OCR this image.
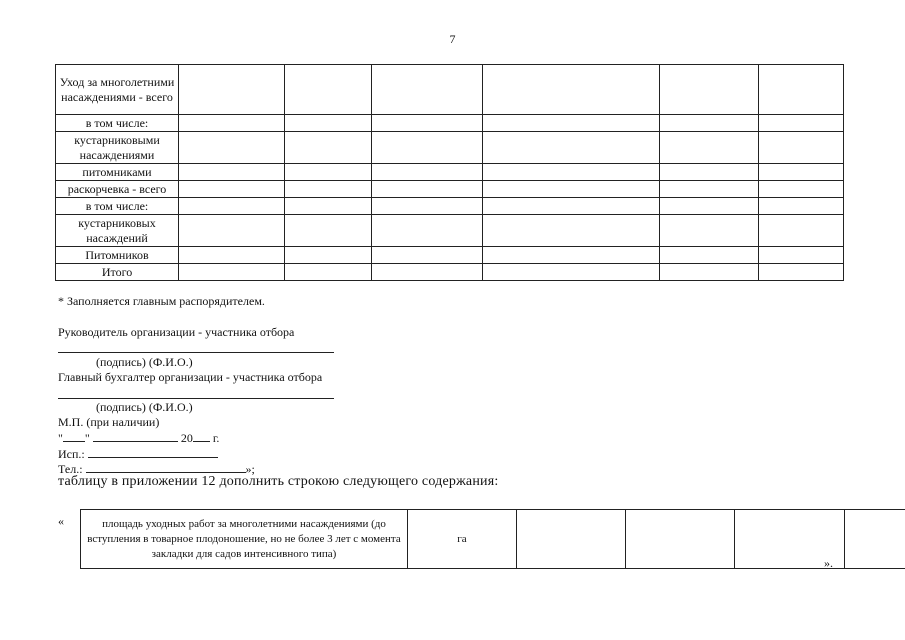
7
Уход за многолетними насаждениями - всего						
в том числе:						
кустарниковыми насаждениями						
питомниками						
раскорчевка - всего						
в том числе:						
кустарниковых насаждений						
Питомников						
Итого						
* Заполняется главным распорядителем.
Руководитель организации - участника отбора
(подпись) (Ф.И.О.)
Главный бухгалтер организации - участника отбора
(подпись) (Ф.И.О.)
М.П. (при наличии)
" "	20 г.
Исп.:
Тел.:	»;
таблицу в приложении 12 дополнить строкою следующего содержания:
«	площадь уходных работ за многолетними насаждениями (до вступления в товарное плодоношение, но не более 3 лет с момента закладки для садов интенсивного типа)	га				
».
